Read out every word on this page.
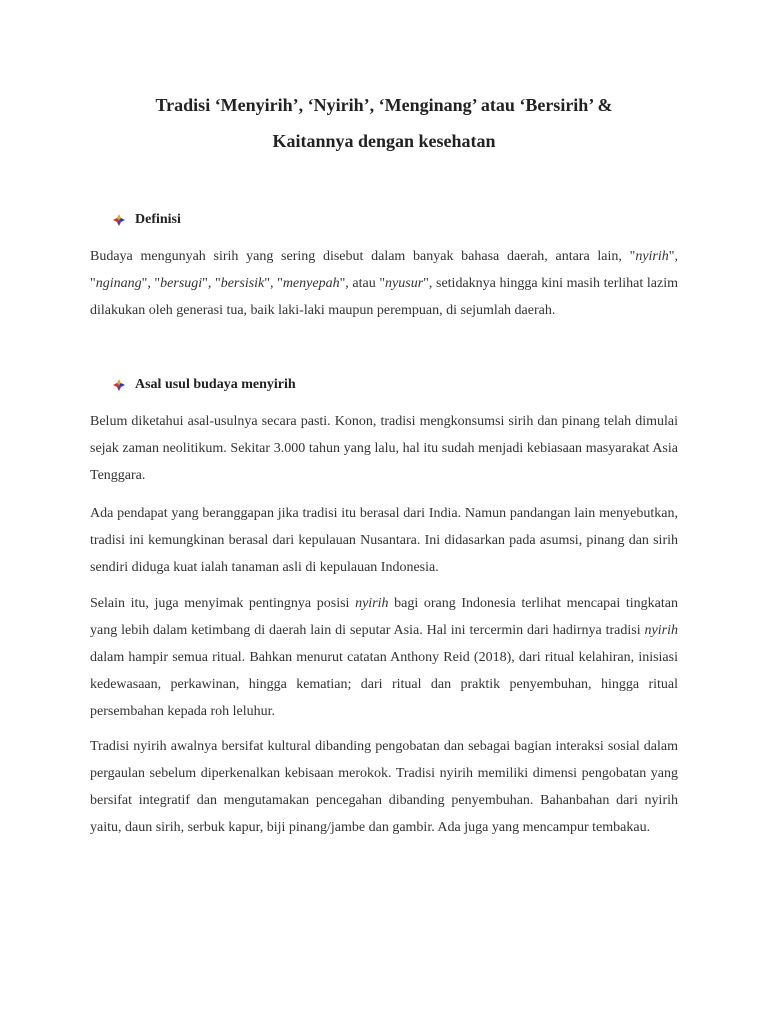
Tradisi ‘Menyirih’, ‘Nyirih’, ‘Menginang’ atau ‘Bersirih’ &
Kaitannya dengan kesehatan
Definisi

Budaya mengunyah sirih yang sering disebut dalam banyak bahasa daerah, antara lain, "nyirih", "nginang", "bersugi", "bersisik", "menyepah", atau "nyusur", setidaknya hingga kini masih terlihat lazim dilakukan oleh generasi tua, baik laki-laki maupun perempuan, di sejumlah daerah.

Asal usul budaya menyirih

Belum diketahui asal-usulnya secara pasti. Konon, tradisi mengkonsumsi sirih dan pinang telah dimulai sejak zaman neolitikum. Sekitar 3.000 tahun yang lalu, hal itu sudah menjadi kebiasaan masyarakat Asia Tenggara.

Ada pendapat yang beranggapan jika tradisi itu berasal dari India. Namun pandangan lain menyebutkan, tradisi ini kemungkinan berasal dari kepulauan Nusantara. Ini didasarkan pada asumsi, pinang dan sirih sendiri diduga kuat ialah tanaman asli di kepulauan Indonesia.

Selain itu, juga menyimak pentingnya posisi nyirih bagi orang Indonesia terlihat mencapai tingkatan yang lebih dalam ketimbang di daerah lain di seputar Asia. Hal ini tercermin dari hadirnya tradisi nyirih dalam hampir semua ritual. Bahkan menurut catatan Anthony Reid (2018), dari ritual kelahiran, inisiasi kedewasaan, perkawinan, hingga kematian; dari ritual dan praktik penyembuhan, hingga ritual persembahan kepada roh leluhur.

Tradisi nyirih awalnya bersifat kultural dibanding pengobatan dan sebagai bagian interaksi sosial dalam pergaulan sebelum diperkenalkan kebisaan merokok. Tradisi nyirih memiliki dimensi pengobatan yang bersifat integratif dan mengutamakan pencegahan dibanding penyembuhan. Bahanbahan dari nyirih yaitu, daun sirih, serbuk kapur, biji pinang/jambe dan gambir. Ada juga yang mencampur tembakau.
